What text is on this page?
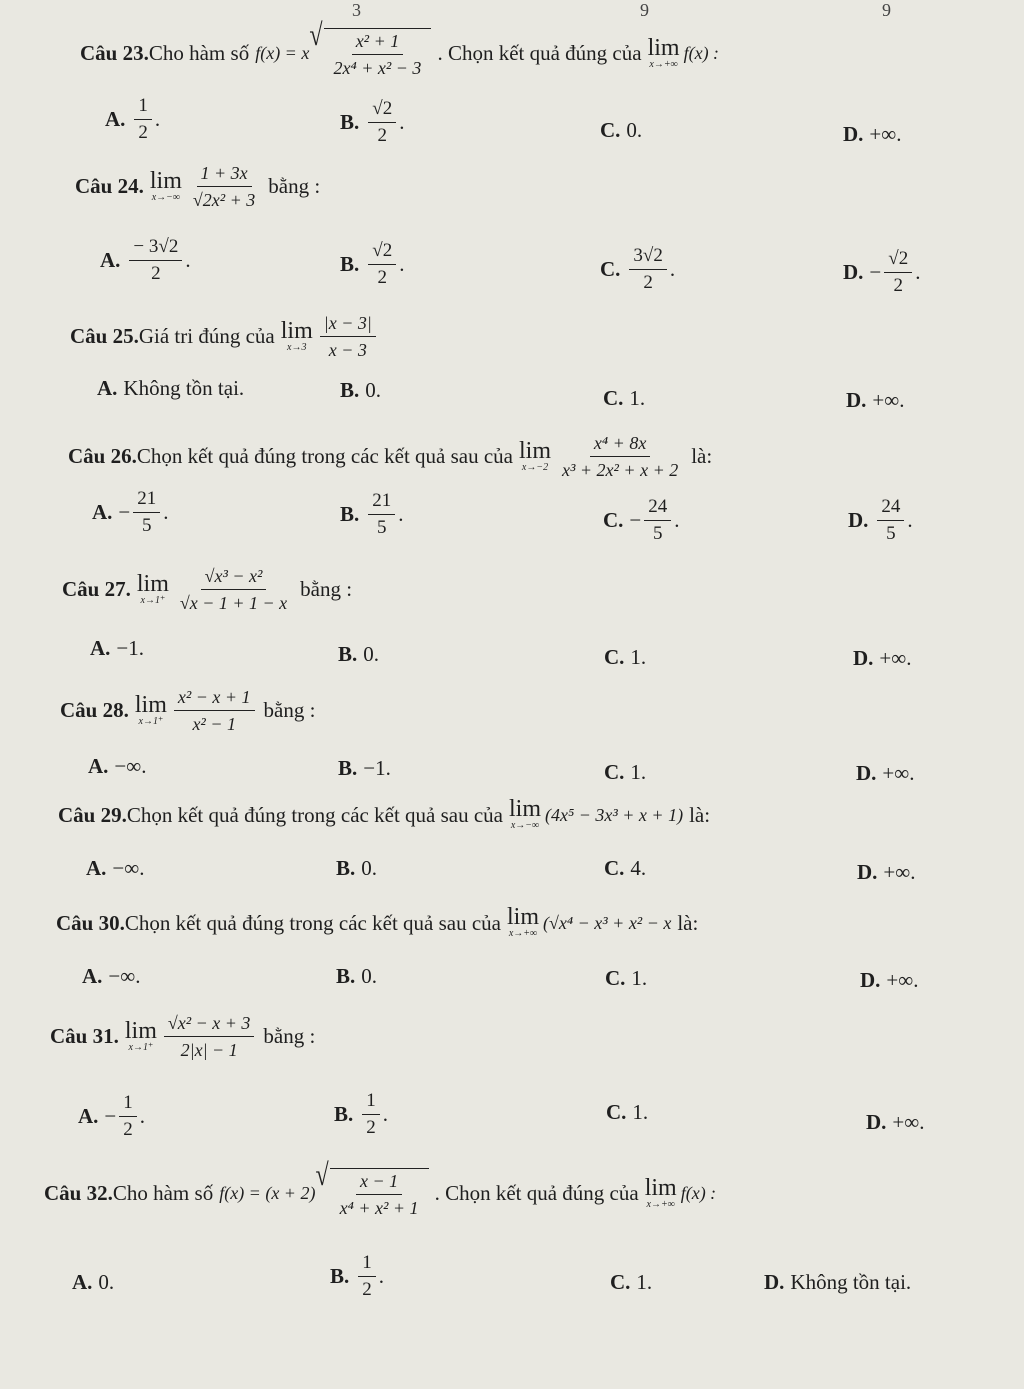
3	9	9
Câu 23. Cho hàm số f(x) = x
√ $\frac{\text{x² + 1}}{\text{2x⁴ + x² − 3}}$ . Chọn kết quả đúng của lim
x→+∞
f(x) :
A. $\frac{1}{2}$ .	B. $\frac{√2}{2}$ .	C. 0.	D. +∞.
Câu 24. lim
$x\to-\infty \frac{1 + 3x}{\text{√2x² + 3}}$ bằng :
A. $\frac{- 3√2}{2}$ .	B. $\frac{√2}{2}$ .	C. $\frac{3√2}{2}$ .	D. − $\frac{√2}{2}$ .
Câu 25. Giá tri đúng của lim
$x\to 3 \frac{|x - 3|}{x - 3}$
A. Không tồn tại.	B. 0.	C. 1.	D. +∞.
Câu 26. Chọn kết quả đúng trong các kết quả sau của lim
$x\to-2 \frac{\text{x⁴ + 8x}}{\text{x³ + 2x² + x + 2}}$ là:
A. − $\frac{21}{5}$ .	B. $\frac{21}{5}$ .	C. − $\frac{24}{5}$ .	D. $\frac{24}{5}$ .
Câu 27. lim
$x\to 1^+ \frac{\text{√x³ − x²}}{√x - 1 + 1 - x}$ bằng :
A. −1.	B. 0.	C. 1.	D. +∞.
Câu 28. lim
$x\to 1^+ \frac{\text{x² − x + 1}}{\text{x² − 1}}$ bằng :
A. −∞.	B. −1.	C. 1.	D. +∞.
Câu 29. Chọn kết quả đúng trong các kết quả sau của lim
x→−∞
(4x⁵ − 3x³ + x + 1) là:
A. −∞.	B. 0.	C. 4.	D. +∞.
Câu 30. Chọn kết quả đúng trong các kết quả sau của lim
x→+∞
(√x⁴ − x³ + x² − x là:
A. −∞.	B. 0.	C. 1.	D. +∞.
Câu 31. lim
$x\to 1^+ \frac{\text{√x² − x + 3}}{2|x| - 1}$ bằng :
A. − $\frac{1}{2}$ .	B. $\frac{1}{2}$ .	C. 1.	D. +∞.
Câu 32. Cho hàm số f(x) = (x + 2)
√ $\frac{x - 1}{\text{x⁴ + x² + 1}}$ . Chọn kết quả đúng của lim
x→+∞
f(x) :
A. 0.	B. $\frac{1}{2}$ .	C. 1.	D. Không tồn tại.
